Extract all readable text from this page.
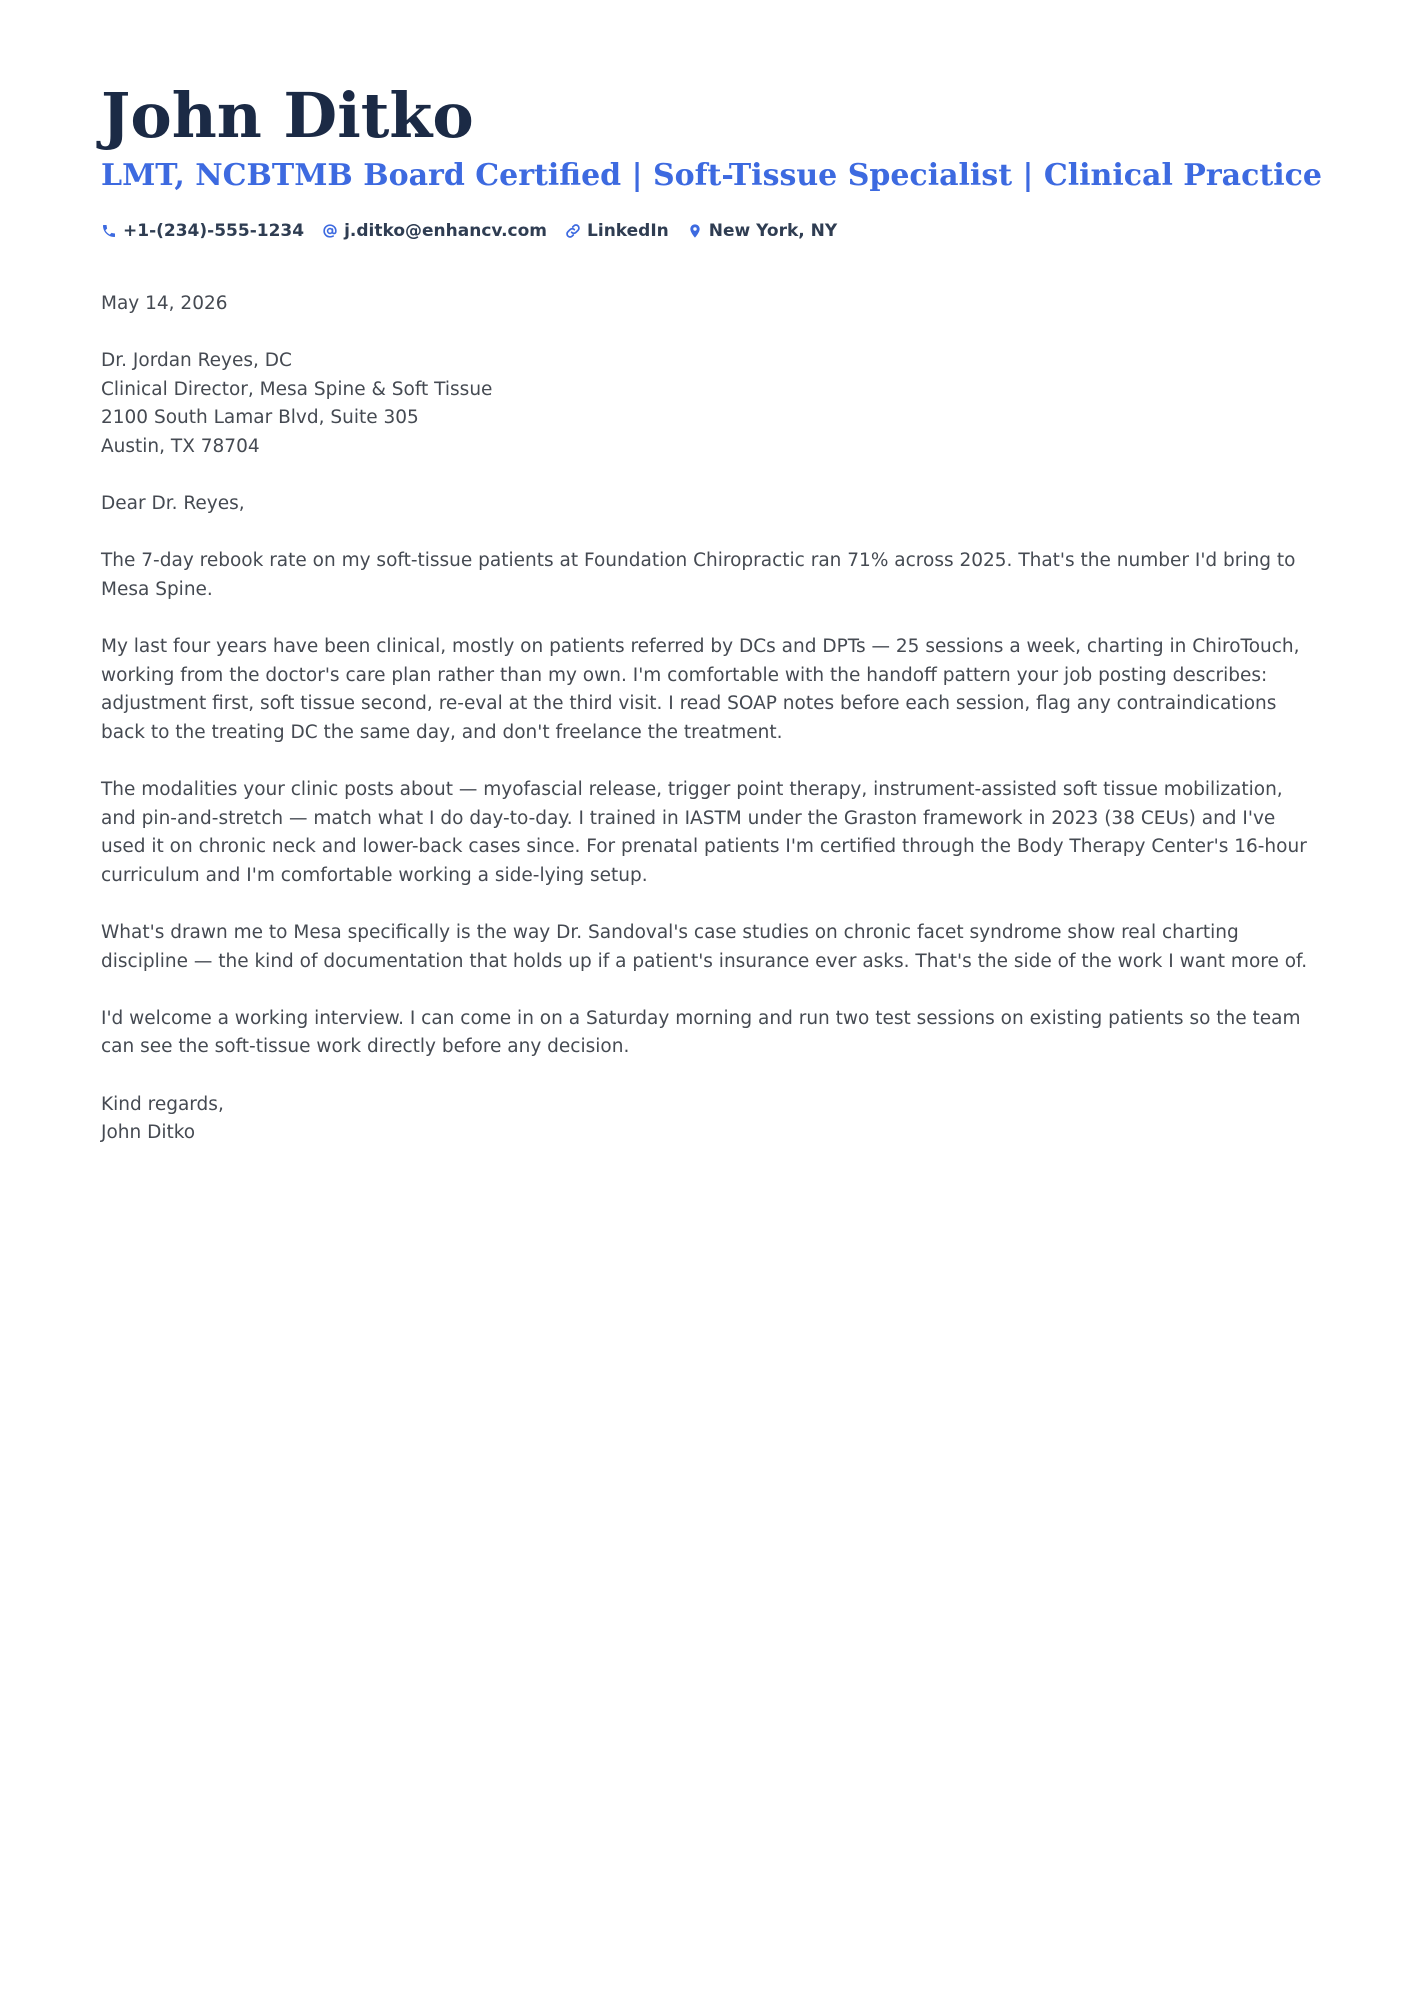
John Ditko
LMT, NCBTMB Board Certified | Soft-Tissue Specialist | Clinical Practice
+1-(234)-555-1234 j.ditko@enhancv.com LinkedIn New York, NY

May 14, 2026

Dr. Jordan Reyes, DC
Clinical Director, Mesa Spine & Soft Tissue
2100 South Lamar Blvd, Suite 305
Austin, TX 78704

Dear Dr. Reyes,

The 7-day rebook rate on my soft-tissue patients at Foundation Chiropractic ran 71% across 2025. That's the number I'd bring to Mesa Spine.

My last four years have been clinical, mostly on patients referred by DCs and DPTs — 25 sessions a week, charting in ChiroTouch, working from the doctor's care plan rather than my own. I'm comfortable with the handoff pattern your job posting describes: adjustment first, soft tissue second, re-eval at the third visit. I read SOAP notes before each session, flag any contraindications back to the treating DC the same day, and don't freelance the treatment.

The modalities your clinic posts about — myofascial release, trigger point therapy, instrument-assisted soft tissue mobilization, and pin-and-stretch — match what I do day-to-day. I trained in IASTM under the Graston framework in 2023 (38 CEUs) and I've used it on chronic neck and lower-back cases since. For prenatal patients I'm certified through the Body Therapy Center's 16-hour curriculum and I'm comfortable working a side-lying setup.

What's drawn me to Mesa specifically is the way Dr. Sandoval's case studies on chronic facet syndrome show real charting discipline — the kind of documentation that holds up if a patient's insurance ever asks. That's the side of the work I want more of.

I'd welcome a working interview. I can come in on a Saturday morning and run two test sessions on existing patients so the team can see the soft-tissue work directly before any decision.

Kind regards,
John Ditko
